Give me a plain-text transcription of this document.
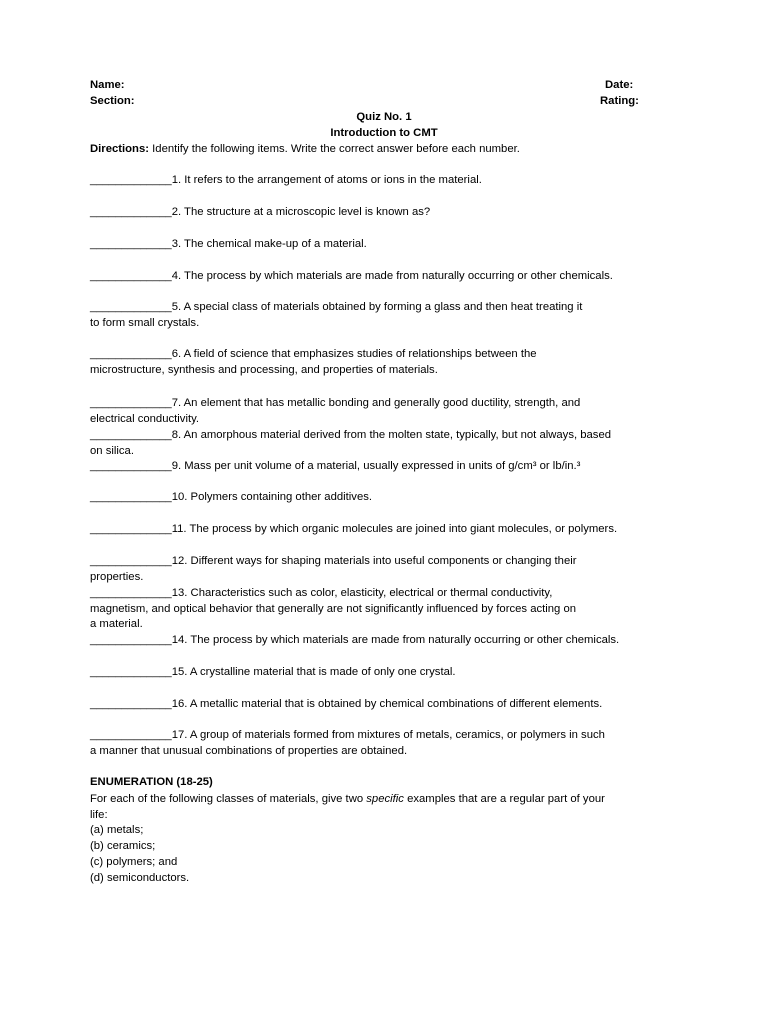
Name:	Date:
Section:	Rating:
Quiz No. 1
Introduction to CMT
Directions: Identify the following items. Write the correct answer before each number.
_____________1. It refers to the arrangement of atoms or ions in the material.
_____________2. The structure at a microscopic level is known as?
_____________3. The chemical make-up of a material.
_____________4. The process by which materials are made from naturally occurring or other chemicals.
_____________5. A special class of materials obtained by forming a glass and then heat treating it
to form small crystals.
_____________6. A field of science that emphasizes studies of relationships between the
microstructure, synthesis and processing, and properties of materials.
_____________7. An element that has metallic bonding and generally good ductility, strength, and
electrical conductivity.
_____________8. An amorphous material derived from the molten state, typically, but not always, based
on silica.
_____________9. Mass per unit volume of a material, usually expressed in units of g/cm³ or lb/in.³
_____________10. Polymers containing other additives.
_____________11. The process by which organic molecules are joined into giant molecules, or polymers.
_____________12. Different ways for shaping materials into useful components or changing their
properties.
_____________13. Characteristics such as color, elasticity, electrical or thermal conductivity,
magnetism, and optical behavior that generally are not significantly influenced by forces acting on
a material.
_____________14. The process by which materials are made from naturally occurring or other chemicals.
_____________15. A crystalline material that is made of only one crystal.
_____________16. A metallic material that is obtained by chemical combinations of different elements.
_____________17. A group of materials formed from mixtures of metals, ceramics, or polymers in such
a manner that unusual combinations of properties are obtained.
ENUMERATION (18-25)
For each of the following classes of materials, give two specific examples that are a regular part of your
life:
(a) metals;
(b) ceramics;
(c) polymers; and
(d) semiconductors.
